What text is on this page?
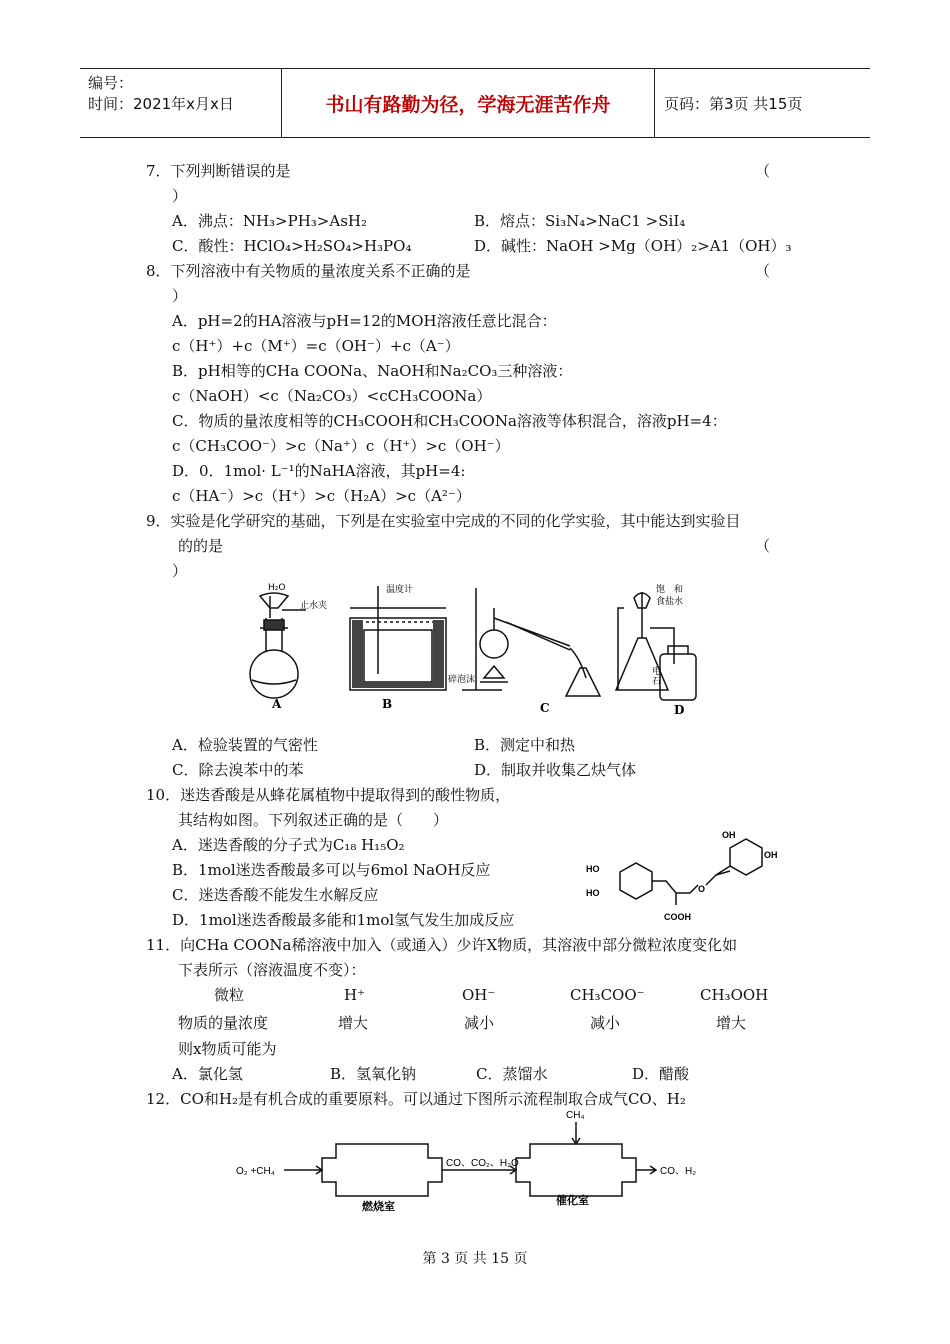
编号：
时间：2021年x月x日	书山有路勤为径，学海无涯苦作舟	页码：第3页 共15页
7．下列判断错误的是	（
）
A．沸点：NH₃>PH₃>AsH₂	B．熔点：Si₃N₄>NaC1 >SiI₄
C．酸性：HClO₄>H₂SO₄>H₃PO₄	D．碱性：NaOH >Mg（OH）₂>A1（OH）₃
8．下列溶液中有关物质的量浓度关系不正确的是	（
）
A．pH=2的HA溶液与pH=12的MOH溶液任意比混合：
c（H⁺）+c（M⁺）=c（OH⁻）+c（A⁻）
B．pH相等的CHa COONa、NaOH和Na₂CO₃三种溶液：
c（NaOH）<c（Na₂CO₃）<cCH₃COONa）
C．物质的量浓度相等的CH₃COOH和CH₃COONa溶液等体积混合，溶液pH=4：
c（CH₃COO⁻）>c（Na⁺）c（H⁺）>c（OH⁻）
D．0．1mol· L⁻¹的NaHA溶液，其pH=4:
c（HA⁻）>c（H⁺）>c（H₂A）>c（A²⁻）
9．实验是化学研究的基础，下列是在实验室中完成的不同的化学实验，其中能达到实验目
的的是	（
）
A	B	C	D
H₂O
止水夹
温度计
碎泡沫
饱　和
食盐水
电
石
A．检验装置的气密性	B．测定中和热
C．除去溴苯中的苯	D．制取并收集乙炔气体
10．迷迭香酸是从蜂花属植物中提取得到的酸性物质，
其结构如图。下列叙述正确的是（　　）
A．迷迭香酸的分子式为C₁₈ H₁₅O₂
B．1mol迷迭香酸最多可以与6mol NaOH反应
C．迷迭香酸不能发生水解反应
D．1mol迷迭香酸最多能和1mol氢气发生加成反应
HO
HO
COOH
O
OH
OH
11．向CHa COONa稀溶液中加入（或通入）少许X物质，其溶液中部分微粒浓度变化如
下表所示（溶液温度不变）：
微粒	H⁺	OH⁻	CH₃COO⁻	CH₃OOH
物质的量浓度	增大	减小	减小	增大
则x物质可能为
A．氯化氢	B．氢氧化钠	C．蒸馏水	D．醋酸
12．CO和H₂是有机合成的重要原料。可以通过下图所示流程制取合成气CO、H₂
O₂ +CH₄
CO、CO₂、H₂O
CH₄
CO、H₂
燃烧室	催化室
第 3 页 共 15 页
